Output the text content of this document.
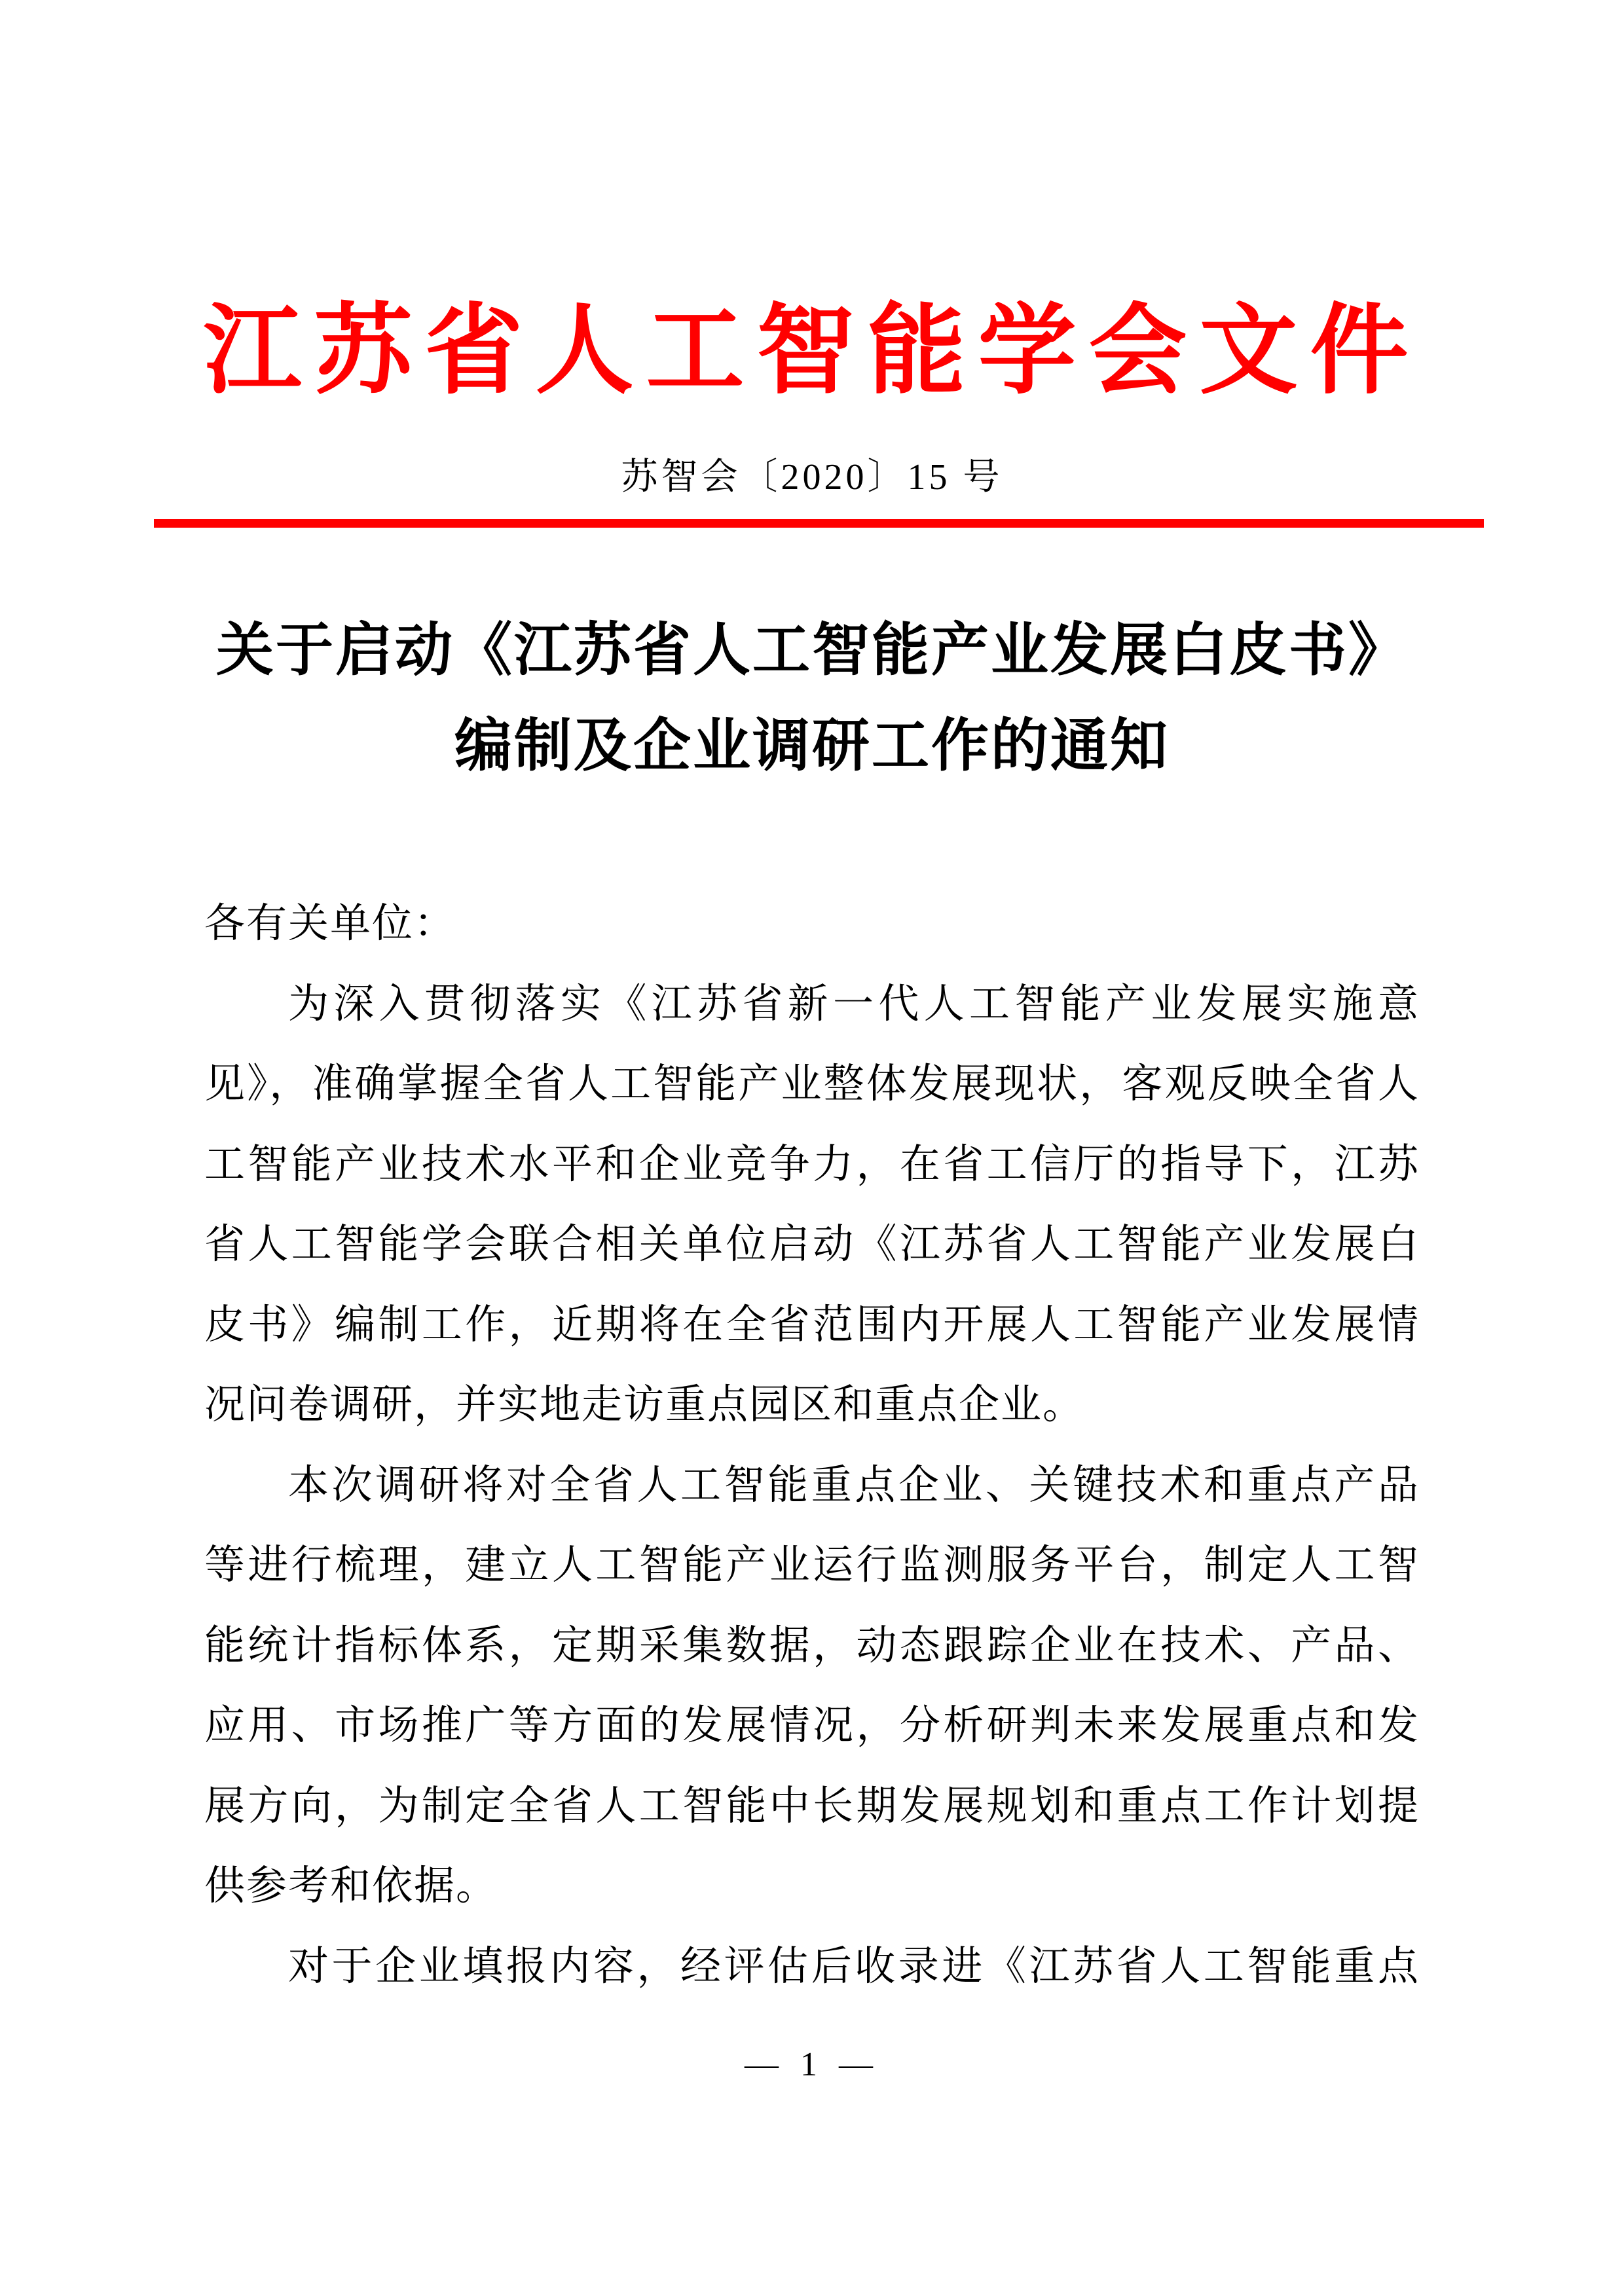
江苏省人工智能学会文件
苏智会〔2020〕15 号
关于启动《江苏省人工智能产业发展白皮书》
编制及企业调研工作的通知
各有关单位：
为深入贯彻落实《江苏省新一代人工智能产业发展实施意
见》，准确掌握全省人工智能产业整体发展现状，客观反映全省人
工智能产业技术水平和企业竞争力，在省工信厅的指导下，江苏
省人工智能学会联合相关单位启动《江苏省人工智能产业发展白
皮书》编制工作，近期将在全省范围内开展人工智能产业发展情
况问卷调研，并实地走访重点园区和重点企业。
本次调研将对全省人工智能重点企业、关键技术和重点产品
等进行梳理，建立人工智能产业运行监测服务平台，制定人工智
能统计指标体系，定期采集数据，动态跟踪企业在技术、产品、
应用、市场推广等方面的发展情况，分析研判未来发展重点和发
展方向，为制定全省人工智能中长期发展规划和重点工作计划提
供参考和依据。
对于企业填报内容，经评估后收录进《江苏省人工智能重点
— 1 —
